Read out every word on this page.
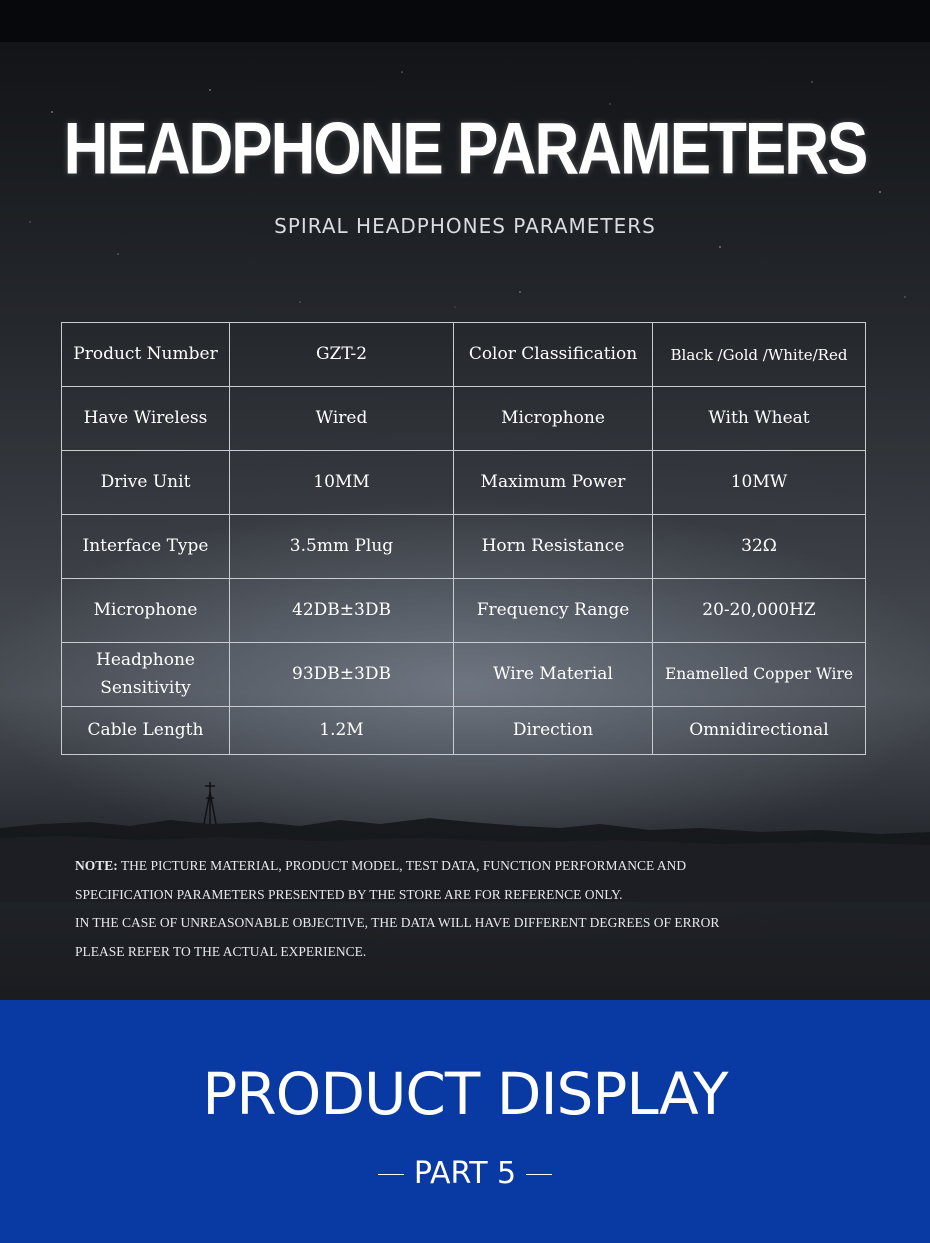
HEADPHONE PARAMETERS
SPIRAL HEADPHONES PARAMETERS
Product Number	GZT-2	Color Classification	Black /Gold /White/Red
Have Wireless	Wired	Microphone	With Wheat
Drive Unit	10MM	Maximum Power	10MW
Interface Type	3.5mm Plug	Horn Resistance	32Ω
Microphone	42DB±3DB	Frequency Range	20-20,000HZ
Headphone Sensitivity	93DB±3DB	Wire Material	Enamelled Copper Wire
Cable Length	1.2M	Direction	Omnidirectional

NOTE: THE PICTURE MATERIAL, PRODUCT MODEL, TEST DATA, FUNCTION PERFORMANCE AND

SPECIFICATION PARAMETERS PRESENTED BY THE STORE ARE FOR REFERENCE ONLY.

IN THE CASE OF UNREASONABLE OBJECTIVE, THE DATA WILL HAVE DIFFERENT DEGREES OF ERROR

PLEASE REFER TO THE ACTUAL EXPERIENCE.

PRODUCT DISPLAY
PART 5
